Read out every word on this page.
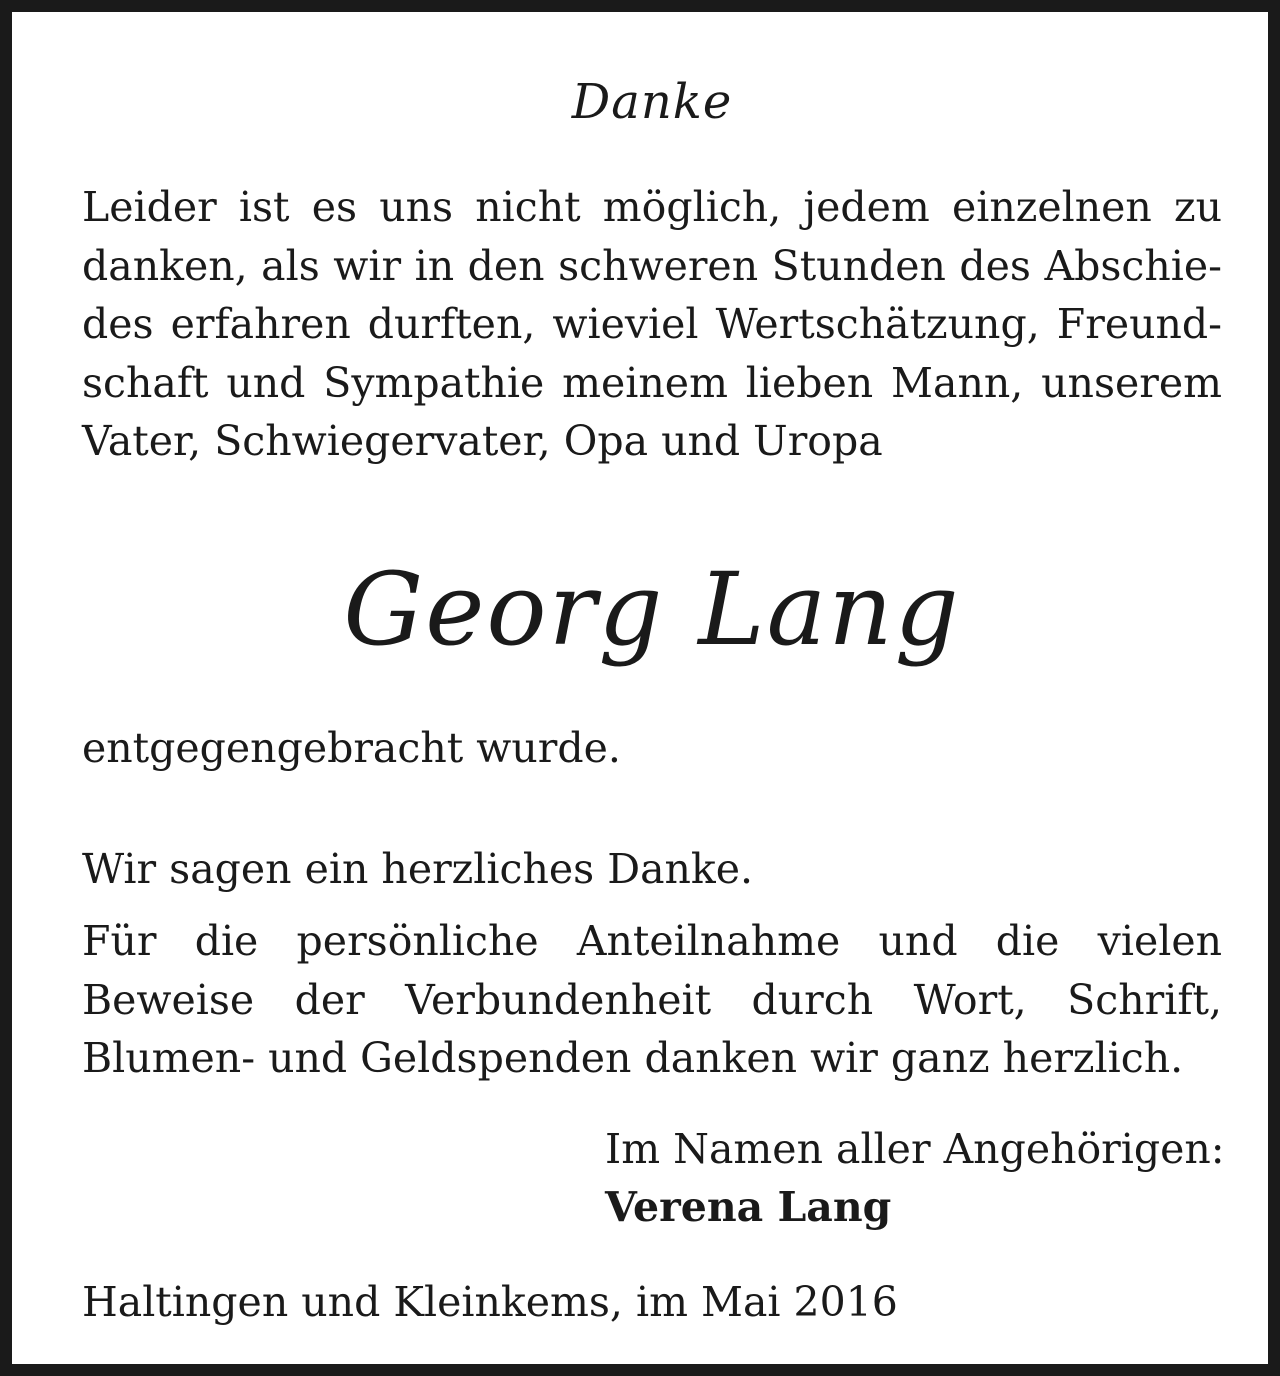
Danke
Leider ist es uns nicht möglich, jedem einzelnen zu danken, als wir in den schweren Stunden des Abschiedes erfahren durften, wieviel Wertschätzung, Freundschaft und Sympathie meinem lieben Mann, unserem Vater, Schwiegervater, Opa und Uropa
Georg Lang
entgegengebracht wurde.
Wir sagen ein herzliches Danke.
Für die persönliche Anteilnahme und die vielen Beweise der Verbundenheit durch Wort, Schrift, Blumen- und Geldspenden danken wir ganz herzlich.
Im Namen aller Angehörigen:
Verena Lang
Haltingen und Kleinkems, im Mai 2016
